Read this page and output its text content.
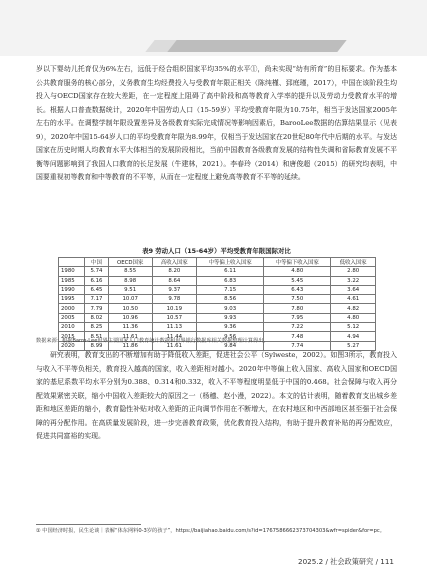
岁以下婴幼儿托育仅为6%左右，远低于经合组织国家平均35%的水平①，尚未实现“幼有所育”的目标要求。作为基本公共教育服务的核心部分，义务教育生均经费投入与受教育年限正相关（陈纯槿、郅庭瑾，2017），中国在该阶段生均投入与OECD国家存在较大差距，在一定程度上阻碍了高中阶段和高等教育入学率的提升以及劳动力受教育水平的增长。根据人口普查数据统计，2020年中国劳动人口（15-59岁）平均受教育年限为10.75年，相当于发达国家2005年左右的水平。在调整学制年限设置差异及各级教育实际完成情况等影响因素后，BarooLee数据的估算结果显示（见表9），2020年中国15-64岁人口的平均受教育年限为8.99年，仅相当于发达国家在20世纪80年代中后期的水平。与发达国家在历史时期人均教育水平大体相当的发展阶段相比，当前中国教育各级教育发展的结构性失调和省际教育发展不平衡等问题影响到了我国人口教育的长足发展（牛建林，2021）。李春玲（2014）和唐俊超（2015）的研究均表明，中国要重视初等教育和中等教育的不平等，从而在一定程度上避免高等教育不平等的延续。

表9 劳动人口（15-64岁）平均受教育年限国际对比
	中国	OECD国家	高收入国家	中等偏上收入国家	中等偏下收入国家	低收入国家
1980	5.74	8.55	8.20	6.11	4.80	2.80
1985	6.16	8.98	8.64	6.83	5.45	3.22
1990	6.45	9.51	9.37	7.15	6.43	3.64
1995	7.17	10.07	9.78	8.56	7.50	4.61
2000	7.79	10.50	10.19	9.03	7.80	4.82
2005	8.02	10.96	10.57	9.93	7.95	4.80
2010	8.25	11.36	11.13	9.36	7.22	5.12
2015	8.51	11.61	11.44	9.56	7.48	4.94
2020	8.99	11.86	11.61	9.84	7.74	5.27
数据来源：根据Barro-Lee世界主要国家人口教育统计数据和世界银行数据库相关数据整理计算得出。

研究表明，教育支出的不断增加有助于降低收入差距，促进社会公平（Sylweste，2002）。如图3所示，教育投入与收入不平等负相关，教育投入越高的国家，收入差距相对越小。2020年中等偏上收入国家、高收入国家和OECD国家的基尼系数平均水平分别为0.388、0.314和0.332，收入不平等程度明显低于中国的0.468。社会保障与收入再分配效果紧密关联，缩小中国收入差距较大的原因之一（杨穗、赵小漫，2022）。本文的估计表明，随着教育支出城乡差距和地区差距的缩小，教育隐性补贴对收入差距的正向调节作用在不断增大，在农村地区和中西部地区甚至强于社会保障的再分配作用。在高质量发展阶段，进一步完善教育政策，优化教育投入结构，有助于提升教育补贴的再分配效应，促进共同富裕的实现。

① 中国经济时报，民生论谈｜表解“体东网料0-3岁的孩子”，https://baijiahao.baidu.com/s?id=1767586662373704303&wfr=spider&for=pc。
2025.2 / 社会政策研究 / 111
